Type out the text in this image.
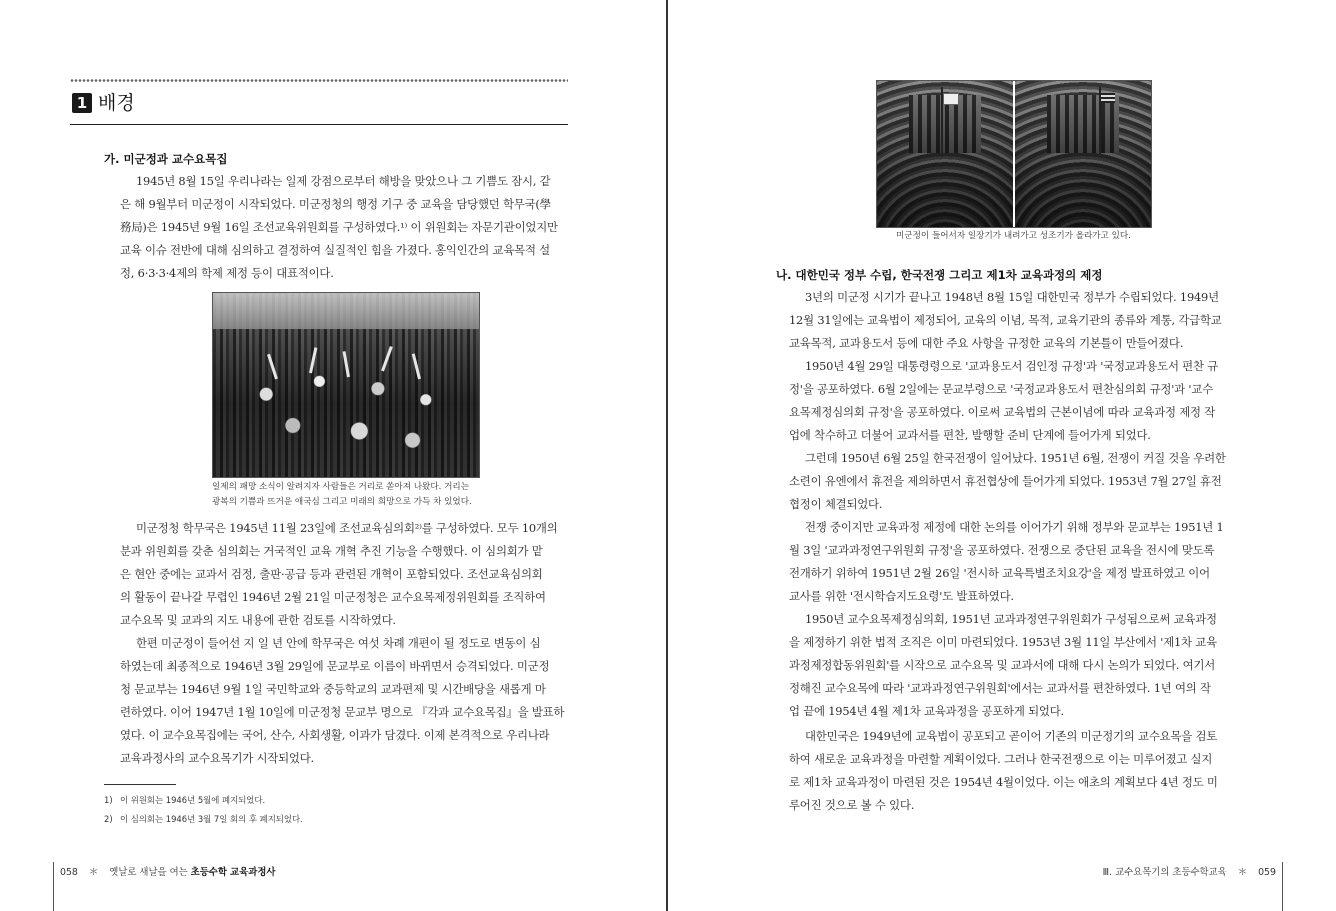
1 배경
가. 미군정과 교수요목집
1945년 8월 15일 우리나라는 일제 강점으로부터 해방을 맞았으나 그 기쁨도 잠시, 같
은 해 9월부터 미군정이 시작되었다. 미군정청의 행정 기구 중 교육을 담당했던 학무국(學
務局)은 1945년 9월 16일 조선교육위원회를 구성하였다.¹⁾ 이 위원회는 자문기관이었지만
교육 이슈 전반에 대해 심의하고 결정하여 실질적인 힘을 가졌다. 홍익인간의 교육목적 설
정, 6·3·3·4제의 학제 제정 등이 대표적이다.
일제의 패망 소식이 알려지자 사람들은 거리로 쏟아져 나왔다. 거리는
광복의 기쁨과 뜨거운 애국심 그리고 미래의 희망으로 가득 차 있었다.
미군정청 학무국은 1945년 11월 23일에 조선교육심의회²⁾를 구성하였다. 모두 10개의
분과 위원회를 갖춘 심의회는 거국적인 교육 개혁 추진 기능을 수행했다. 이 심의회가 맡
은 현안 중에는 교과서 검정, 출판·공급 등과 관련된 개혁이 포함되었다. 조선교육심의회
의 활동이 끝나갈 무렵인 1946년 2월 21일 미군정청은 교수요목제정위원회를 조직하여
교수요목 및 교과의 지도 내용에 관한 검토를 시작하였다.
한편 미군정이 들어선 지 일 년 안에 학무국은 여섯 차례 개편이 될 정도로 변동이 심
하였는데 최종적으로 1946년 3월 29일에 문교부로 이름이 바뀌면서 승격되었다. 미군정
청 문교부는 1946년 9월 1일 국민학교와 중등학교의 교과편제 및 시간배당을 새롭게 마
련하였다. 이어 1947년 1월 10일에 미군정청 문교부 명으로 『각과 교수요목집』을 발표하
였다. 이 교수요목집에는 국어, 산수, 사회생활, 이과가 담겼다. 이제 본격적으로 우리나라
교육과정사의 교수요목기가 시작되었다.
1) 이 위원회는 1946년 5월에 폐지되었다.
2) 이 심의회는 1946년 3월 7일 회의 후 폐지되었다.
058 ＊ 옛날로 새날을 여는 초등수학 교육과정사
미군정이 들어서자 일장기가 내려가고 성조기가 올라가고 있다.
나. 대한민국 정부 수립, 한국전쟁 그리고 제1차 교육과정의 제정
3년의 미군정 시기가 끝나고 1948년 8월 15일 대한민국 정부가 수립되었다. 1949년
12월 31일에는 교육법이 제정되어, 교육의 이념, 목적, 교육기관의 종류와 계통, 각급학교
교육목적, 교과용도서 등에 대한 주요 사항을 규정한 교육의 기본틀이 만들어졌다.
1950년 4월 29일 대통령령으로 '교과용도서 검인정 규정'과 '국정교과용도서 편찬 규
정'을 공포하였다. 6월 2일에는 문교부령으로 '국정교과용도서 편찬심의회 규정'과 '교수
요목제정심의회 규정'을 공포하였다. 이로써 교육법의 근본이념에 따라 교육과정 제정 작
업에 착수하고 더불어 교과서를 편찬, 발행할 준비 단계에 들어가게 되었다.
그런데 1950년 6월 25일 한국전쟁이 일어났다. 1951년 6월, 전쟁이 커질 것을 우려한
소련이 유엔에서 휴전을 제의하면서 휴전협상에 들어가게 되었다. 1953년 7월 27일 휴전
협정이 체결되었다.
전쟁 중이지만 교육과정 제정에 대한 논의를 이어가기 위해 정부와 문교부는 1951년 1
월 3일 '교과과정연구위원회 규정'을 공포하였다. 전쟁으로 중단된 교육을 전시에 맞도록
전개하기 위하여 1951년 2월 26일 '전시하 교육특별조치요강'을 제정 발표하였고 이어
교사를 위한 '전시학습지도요령'도 발표하였다.
1950년 교수요목제정심의회, 1951년 교과과정연구위원회가 구성됨으로써 교육과정
을 제정하기 위한 법적 조직은 이미 마련되었다. 1953년 3월 11일 부산에서 '제1차 교육
과정제정합동위원회'를 시작으로 교수요목 및 교과서에 대해 다시 논의가 되었다. 여기서
정해진 교수요목에 따라 '교과과정연구위원회'에서는 교과서를 편찬하였다. 1년 여의 작
업 끝에 1954년 4월 제1차 교육과정을 공포하게 되었다.
대한민국은 1949년에 교육법이 공포되고 곧이어 기존의 미군정기의 교수요목을 검토
하여 새로운 교육과정을 마련할 계획이었다. 그러나 한국전쟁으로 이는 미루어졌고 실지
로 제1차 교육과정이 마련된 것은 1954년 4월이었다. 이는 애초의 계획보다 4년 정도 미
루어진 것으로 볼 수 있다.
Ⅲ. 교수요목기의 초등수학교육 ＊ 059
